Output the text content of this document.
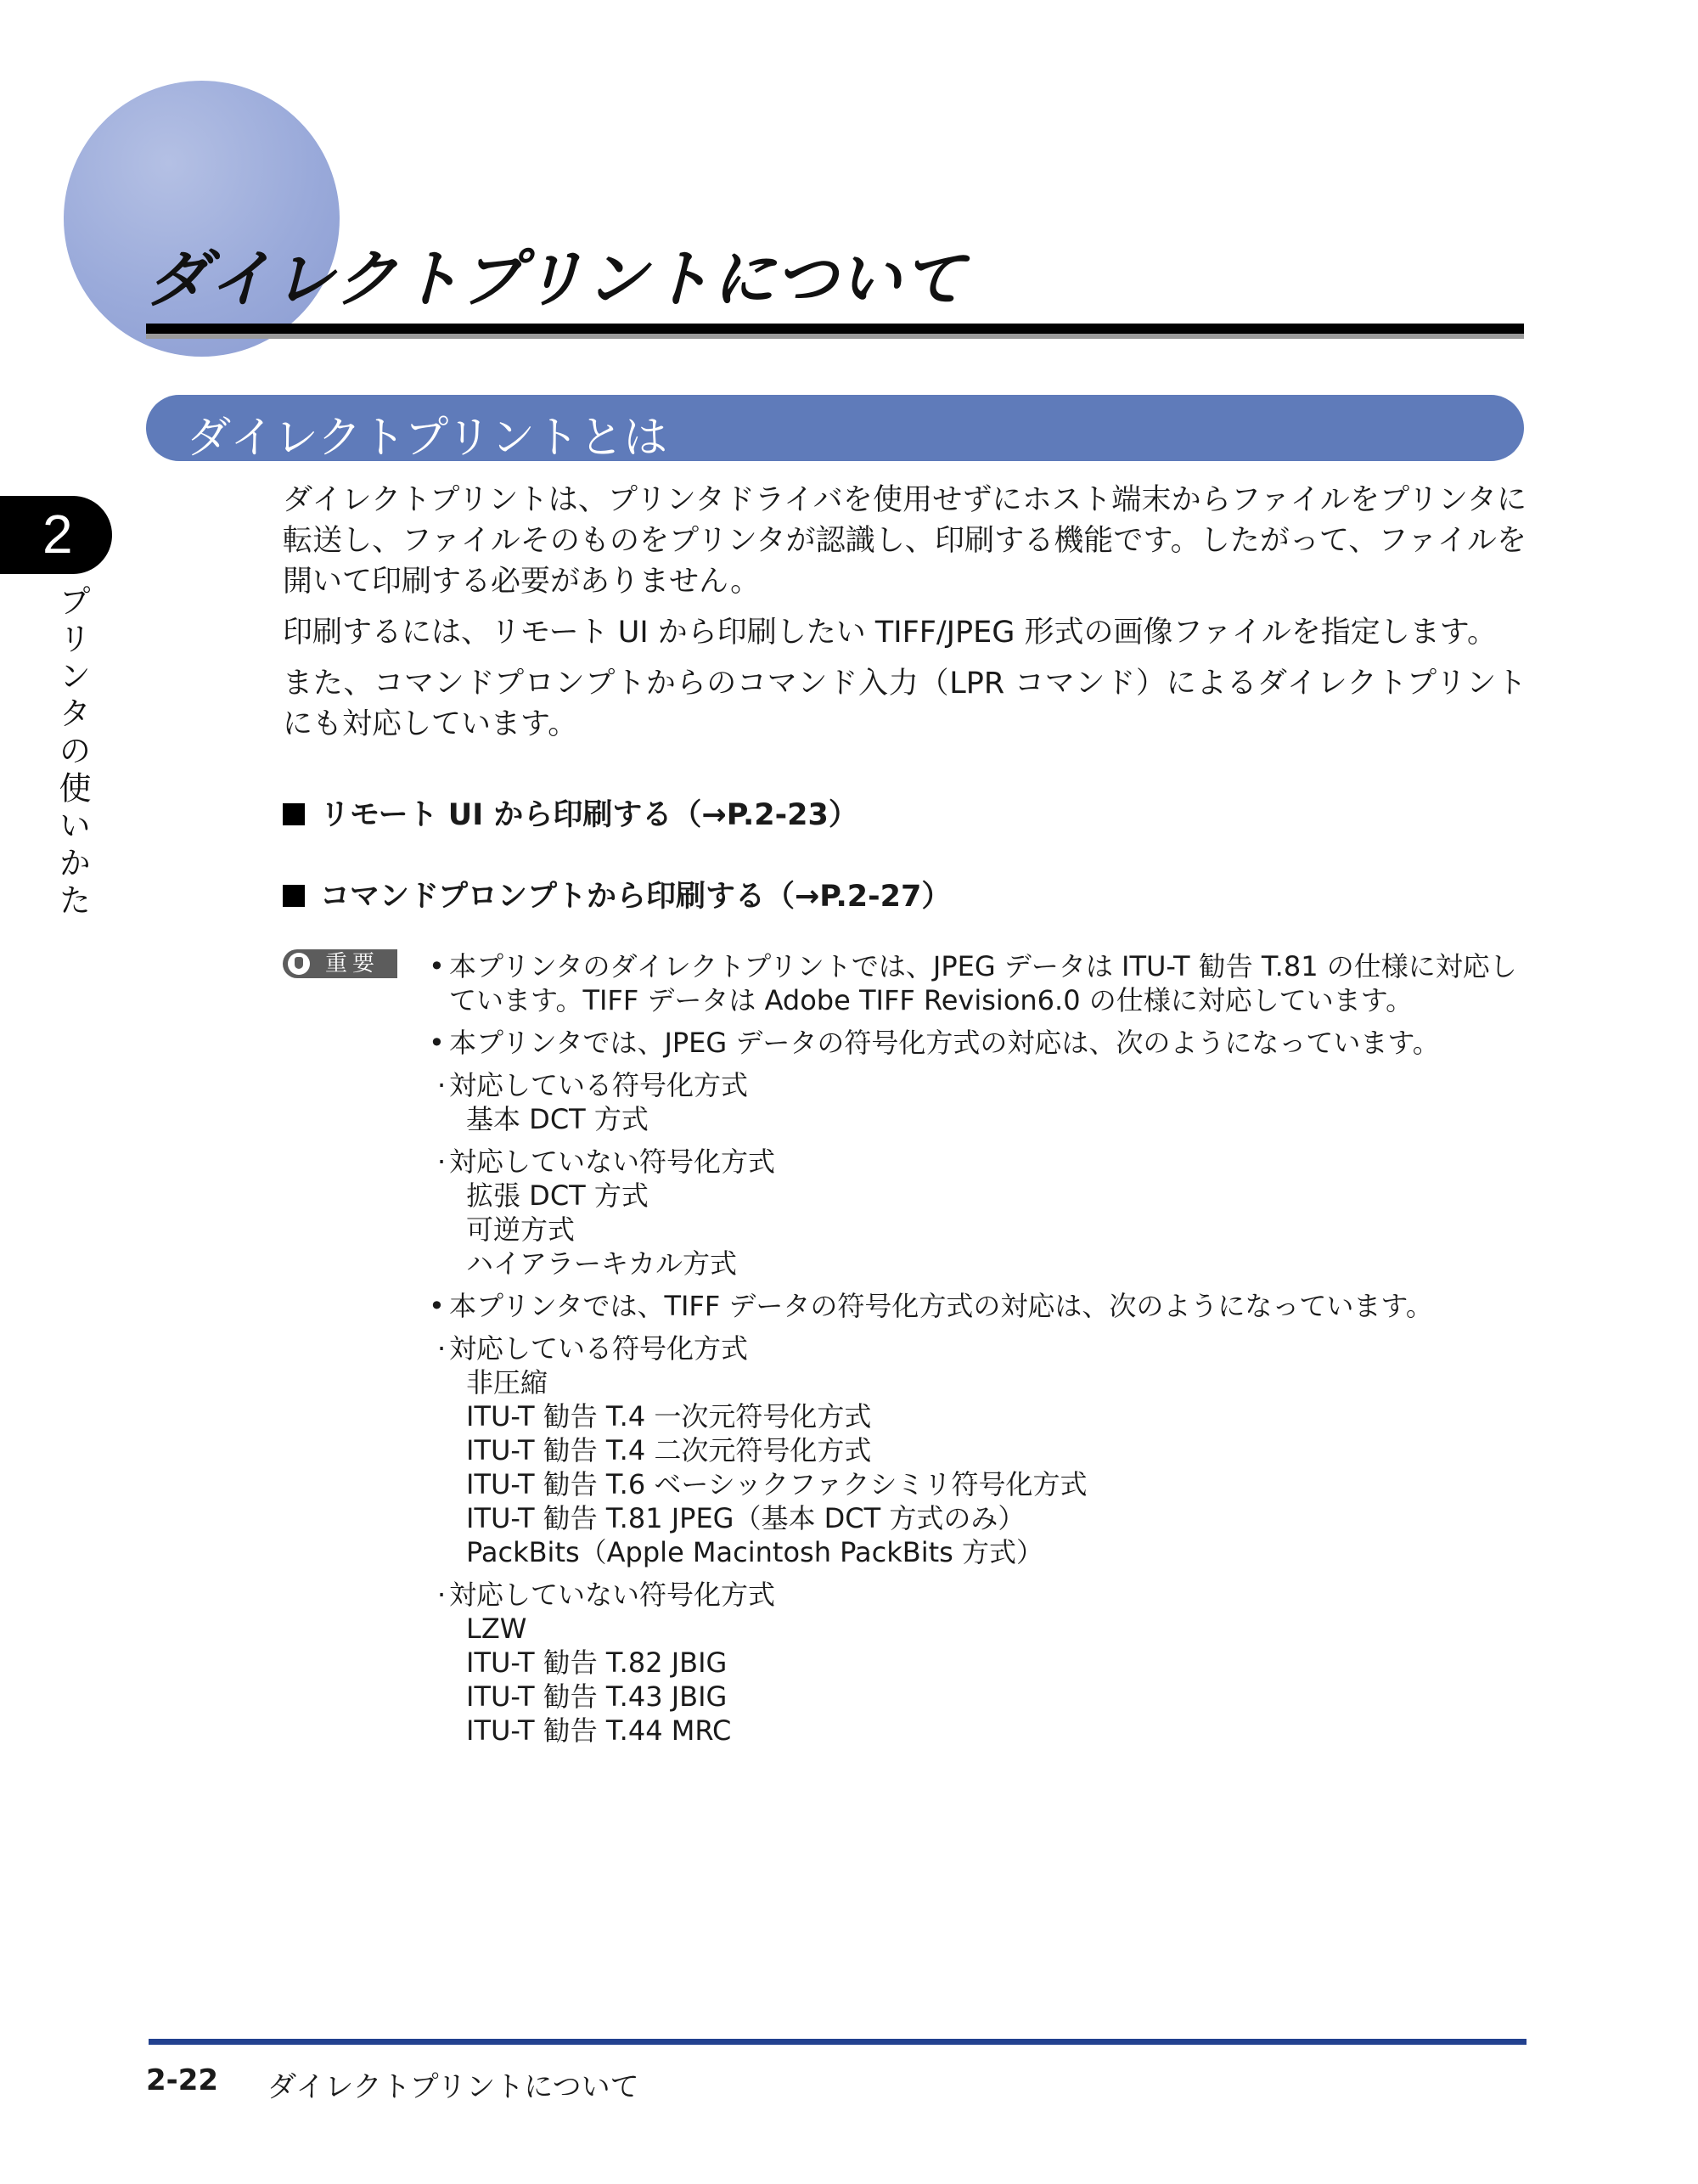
ダイレクトプリントについて
ダイレクトプリントとは
2
プリンタの使いかた

ダイレクトプリントは、プリンタドライバを使用せずにホスト端末からファイルをプリンタに転送し、ファイルそのものをプリンタが認識し、印刷する機能です。したがって、ファイルを開いて印刷する必要がありません。

印刷するには、リモート UI から印刷したい TIFF/JPEG 形式の画像ファイルを指定します。

また、コマンドプロンプトからのコマンド入力（LPR コマンド）によるダイレクトプリントにも対応しています。

リモート UI から印刷する（→P.2-23）
コマンドプロンプトから印刷する（→P.2-27）
重要
•	本プリンタのダイレクトプリントでは、JPEG データは ITU-T 勧告 T.81 の仕様に対応しています。TIFF データは Adobe TIFF Revision6.0 の仕様に対応しています。
• 本プリンタでは、JPEG データの符号化方式の対応は、次のようになっています。
· 対応している符号化方式
基本 DCT 方式
· 対応していない符号化方式
拡張 DCT 方式
可逆方式
ハイアラーキカル方式
• 本プリンタでは、TIFF データの符号化方式の対応は、次のようになっています。
· 対応している符号化方式
非圧縮
ITU-T 勧告 T.4 一次元符号化方式
ITU-T 勧告 T.4 二次元符号化方式
ITU-T 勧告 T.6 ベーシックファクシミリ符号化方式
ITU-T 勧告 T.81 JPEG（基本 DCT 方式のみ）
PackBits（Apple Macintosh PackBits 方式）
· 対応していない符号化方式
LZW
ITU-T 勧告 T.82 JBIG
ITU-T 勧告 T.43 JBIG
ITU-T 勧告 T.44 MRC
2-22 ダイレクトプリントについて
